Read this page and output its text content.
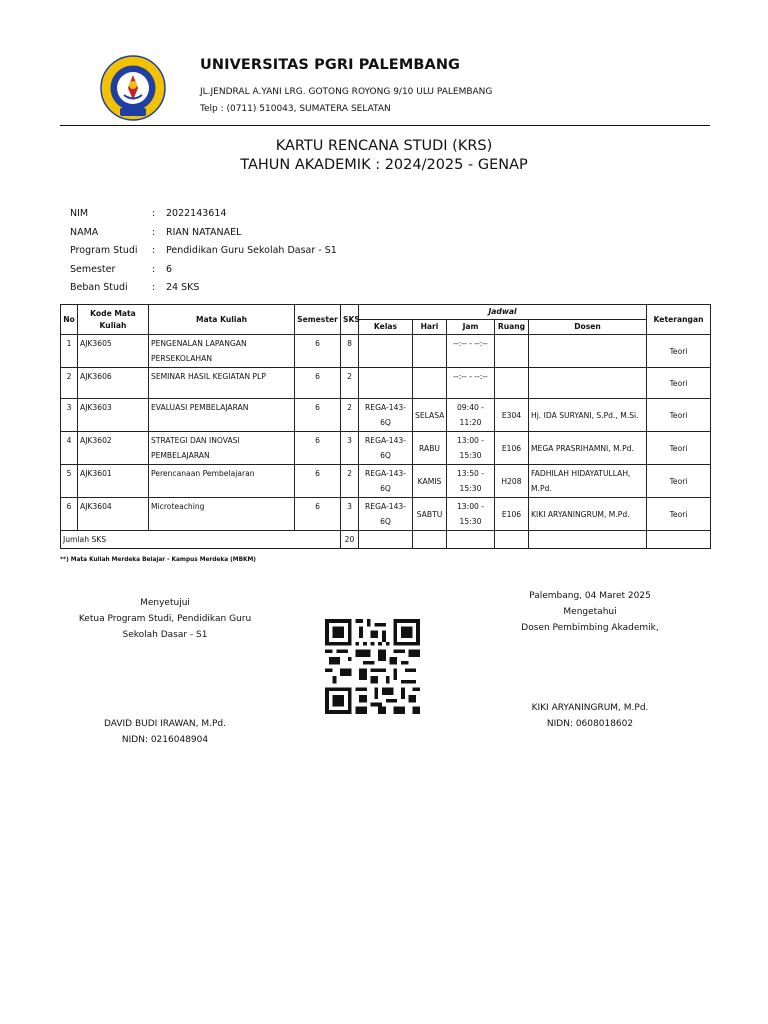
UNIVERSITAS PGRI PALEMBANG
JL.JENDRAL A.YANI LRG. GOTONG ROYONG 9/10 ULU PALEMBANG
Telp : (0711) 510043, SUMATERA SELATAN
KARTU RENCANA STUDI (KRS)
TAHUN AKADEMIK : 2024/2025 - GENAP
NIM	:	2022143614
NAMA	:	RIAN NATANAEL
Program Studi	:	Pendidikan Guru Sekolah Dasar - S1
Semester	:	6
Beban Studi	:	24 SKS
No	Kode Mata Kuliah	Mata Kuliah	Semester	SKS	Jadwal					Keterangan
					Kelas	Hari	Jam	Ruang	Dosen	
1	AJK3605	PENGENALAN LAPANGAN PERSEKOLAHAN	6	8			--:-- - --:--			Teori
2	AJK3606	SEMINAR HASIL KEGIATAN PLP	6	2			--:-- - --:--			Teori
3	AJK3603	EVALUASI PEMBELAJARAN	6	2	REGA-143-6Q	SELASA	09:40 - 11:20	E304	Hj. IDA SURYANI, S.Pd., M.Si.	Teori
4	AJK3602	STRATEGI DAN INOVASI PEMBELAJARAN	6	3	REGA-143-6Q	RABU	13:00 - 15:30	E106	MEGA PRASRIHAMNI, M.Pd.	Teori
5	AJK3601	Perencanaan Pembelajaran	6	2	REGA-143-6Q	KAMIS	13:50 - 15:30	H208	FADHILAH HIDAYATULLAH, M.Pd.	Teori
6	AJK3604	Microteaching	6	3	REGA-143-6Q	SABTU	13:00 - 15:30	E106	KIKI ARYANINGRUM, M.Pd.	Teori
Jumlah SKS				20						
**) Mata Kuliah Merdeka Belajar - Kampus Merdeka (MBKM)
Menyetujui
Ketua Program Studi, Pendidikan Guru
Sekolah Dasar - S1
DAVID BUDI IRAWAN, M.Pd.
NIDN: 0216048904
Palembang, 04 Maret 2025
Mengetahui
Dosen Pembimbing Akademik,
KIKI ARYANINGRUM, M.Pd.
NIDN: 0608018602
